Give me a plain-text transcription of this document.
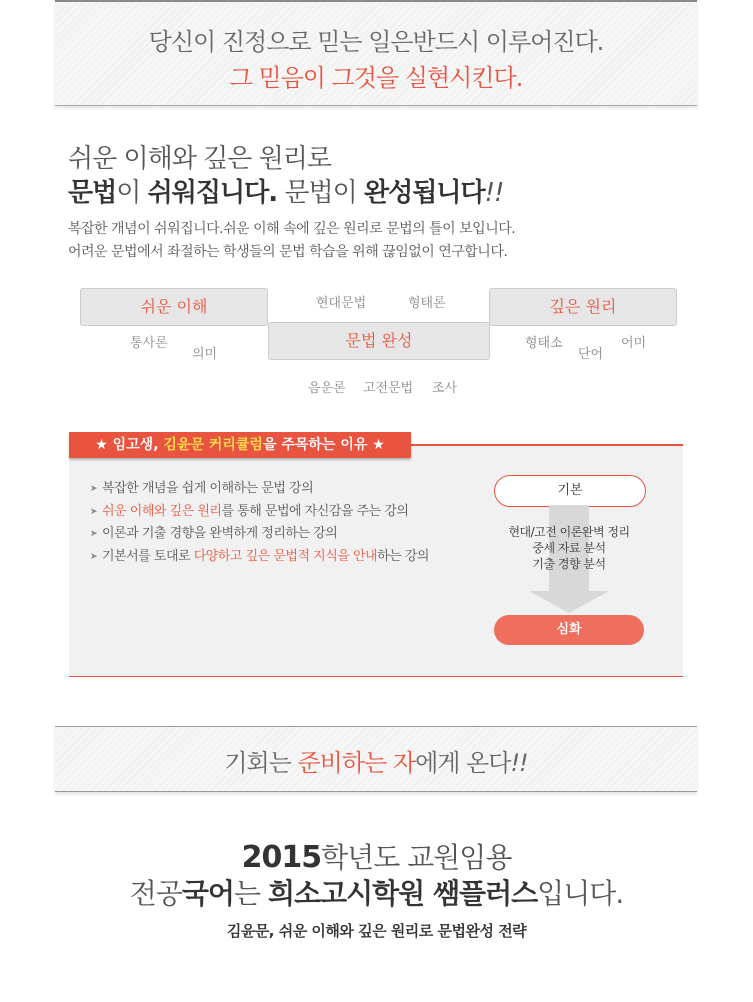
당신이 진정으로 믿는 일은반드시 이루어진다.
그 믿음이 그것을 실현시킨다.
쉬운 이해와 깊은 원리로
문법이 쉬워집니다. 문법이 완성됩니다!!
복잡한 개념이 쉬워집니다.쉬운 이해 속에 깊은 원리로 문법의 틀이 보입니다.
어려운 문법에서 좌절하는 학생들의 문법 학습을 위해 끊임없이 연구합니다.
쉬운 이해
문법 완성
깊은 원리
현대문법	형태론
통사론
의미
형태소
단어
어미
음운론 고전문법 조사
★ 임고생, 김윤문 커리큘럼을 주목하는 이유 ★
➤ 복잡한 개념을 쉽게 이해하는 문법 강의
➤ 쉬운 이해와 깊은 원리를 통해 문법에 자신감을 주는 강의
➤ 이론과 기출 경향을 완벽하게 정리하는 강의
➤ 기본서를 토대로 다양하고 깊은 문법적 지식을 안내하는 강의
기본
현대/고전 이론완벽 정리
중세 자료 분석
기출 경향 분석
심화
기회는 준비하는 자에게 온다!!
2015학년도 교원임용
전공국어는 희소고시학원 쌤플러스입니다.
김윤문, 쉬운 이해와 깊은 원리로 문법완성 전략
